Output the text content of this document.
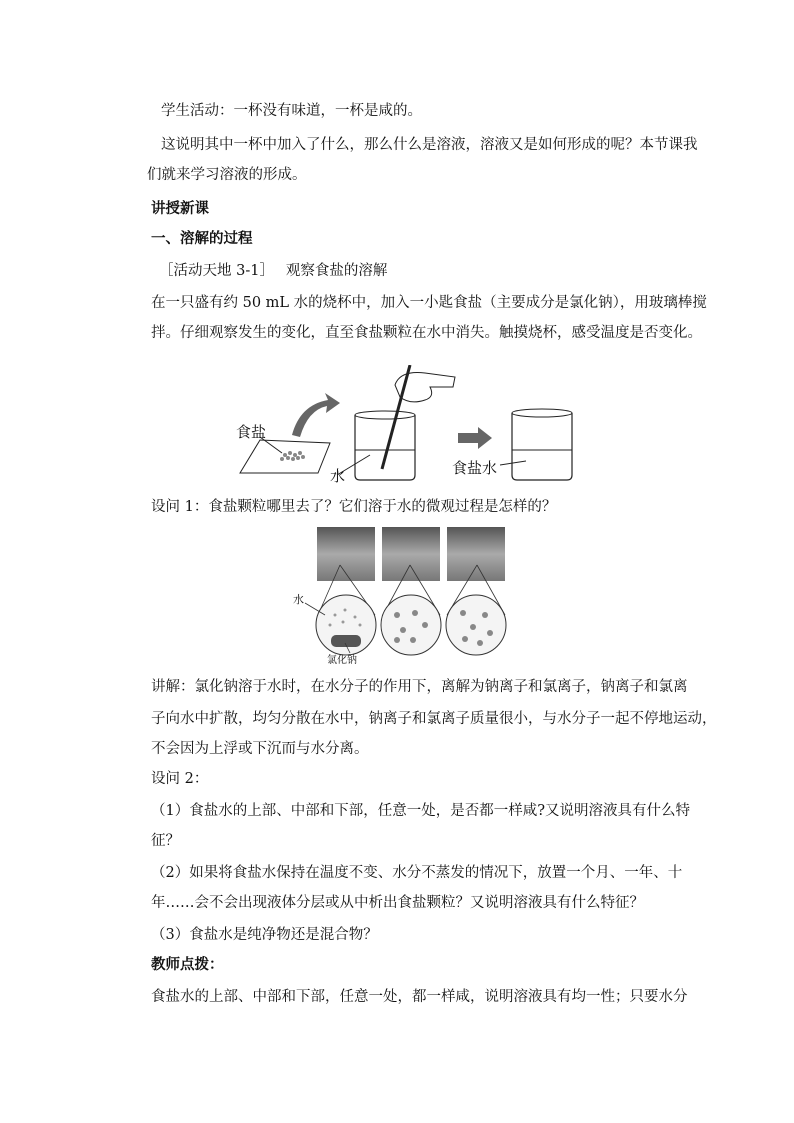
学生活动：一杯没有味道，一杯是咸的。
这说明其中一杯中加入了什么，那么什么是溶液，溶液又是如何形成的呢？本节课我
们就来学习溶液的形成。
讲授新课
一、溶解的过程
［活动天地 3-1］　 观察食盐的溶解
在一只盛有约 50 mL 水的烧杯中，加入一小匙食盐（主要成分是氯化钠），用玻璃棒搅
拌。仔细观察发生的变化，直至食盐颗粒在水中消失。触摸烧杯，感受温度是否变化。
食盐
水	食盐水
设问 1：食盐颗粒哪里去了？它们溶于水的微观过程是怎样的？
水
氯化钠
讲解：氯化钠溶于水时，在水分子的作用下，离解为钠离子和氯离子，钠离子和氯离
子向水中扩散，均匀分散在水中，钠离子和氯离子质量很小，与水分子一起不停地运动，
不会因为上浮或下沉而与水分离。
设问 2：
（1）食盐水的上部、中部和下部，任意一处，是否都一样咸?又说明溶液具有什么特
征？
（2）如果将食盐水保持在温度不变、水分不蒸发的情况下，放置一个月、一年、十
年……会不会出现液体分层或从中析出食盐颗粒？又说明溶液具有什么特征？
（3）食盐水是纯净物还是混合物？
教师点拨：
食盐水的上部、中部和下部，任意一处，都一样咸，说明溶液具有均一性；只要水分
